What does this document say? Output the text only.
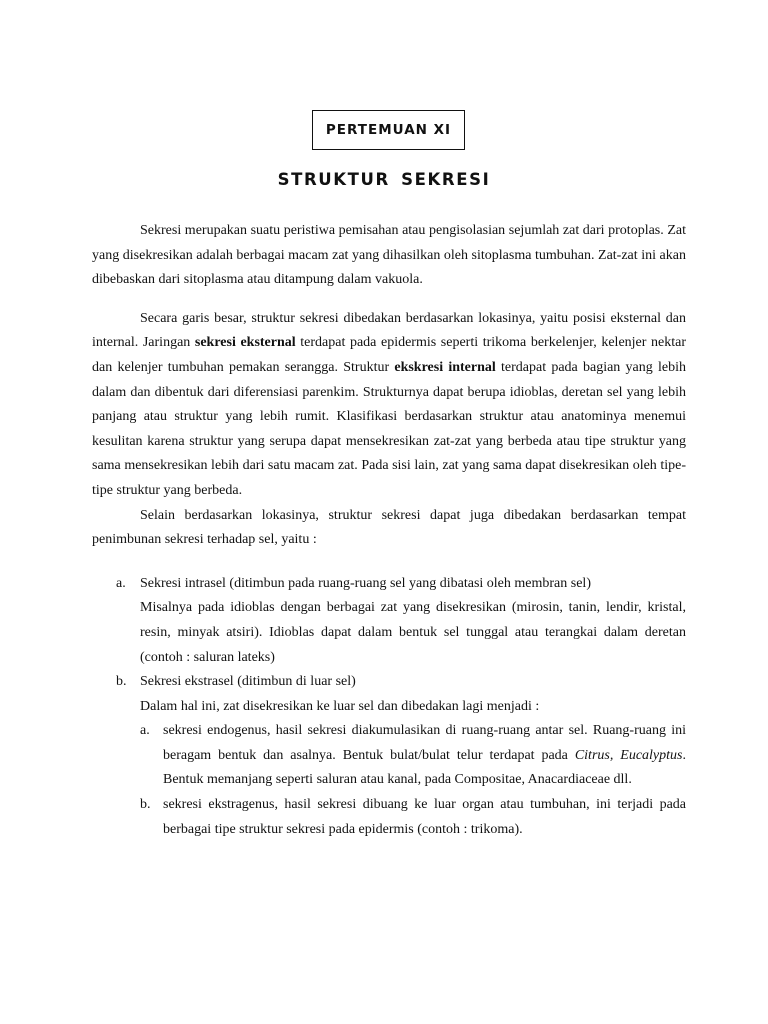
PERTEMUAN XI
STRUKTUR SEKRESI

Sekresi merupakan suatu peristiwa pemisahan atau pengisolasian sejumlah zat dari protoplas. Zat yang disekresikan adalah berbagai macam zat yang dihasilkan oleh sitoplasma tumbuhan. Zat-zat ini akan dibebaskan dari sitoplasma atau ditampung dalam vakuola.

Secara garis besar, struktur sekresi dibedakan berdasarkan lokasinya, yaitu posisi eksternal dan internal. Jaringan sekresi eksternal terdapat pada epidermis seperti trikoma berkelenjer, kelenjer nektar dan kelenjer tumbuhan pemakan serangga. Struktur ekskresi internal terdapat pada bagian yang lebih dalam dan dibentuk dari diferensiasi parenkim. Strukturnya dapat berupa idioblas, deretan sel yang lebih panjang atau struktur yang lebih rumit. Klasifikasi berdasarkan struktur atau anatominya menemui kesulitan karena struktur yang serupa dapat mensekresikan zat-zat yang berbeda atau tipe struktur yang sama mensekresikan lebih dari satu macam zat. Pada sisi lain, zat yang sama dapat disekresikan oleh tipe-tipe struktur yang berbeda.

Selain berdasarkan lokasinya, struktur sekresi dapat juga dibedakan berdasarkan tempat penimbunan sekresi terhadap sel, yaitu :

a. Sekresi intrasel (ditimbun pada ruang-ruang sel yang dibatasi oleh membran sel)
Misalnya pada idioblas dengan berbagai zat yang disekresikan (mirosin, tanin, lendir, kristal, resin, minyak atsiri). Idioblas dapat dalam bentuk sel tunggal atau terangkai dalam deretan (contoh : saluran lateks)
b. Sekresi ekstrasel (ditimbun di luar sel)
Dalam hal ini, zat disekresikan ke luar sel dan dibedakan lagi menjadi :
a. sekresi endogenus, hasil sekresi diakumulasikan di ruang-ruang antar sel. Ruang-ruang ini beragam bentuk dan asalnya. Bentuk bulat/bulat telur terdapat pada Citrus, Eucalyptus. Bentuk memanjang seperti saluran atau kanal, pada Compositae, Anacardiaceae dll.
b. sekresi ekstragenus, hasil sekresi dibuang ke luar organ atau tumbuhan, ini terjadi pada berbagai tipe struktur sekresi pada epidermis (contoh : trikoma).
